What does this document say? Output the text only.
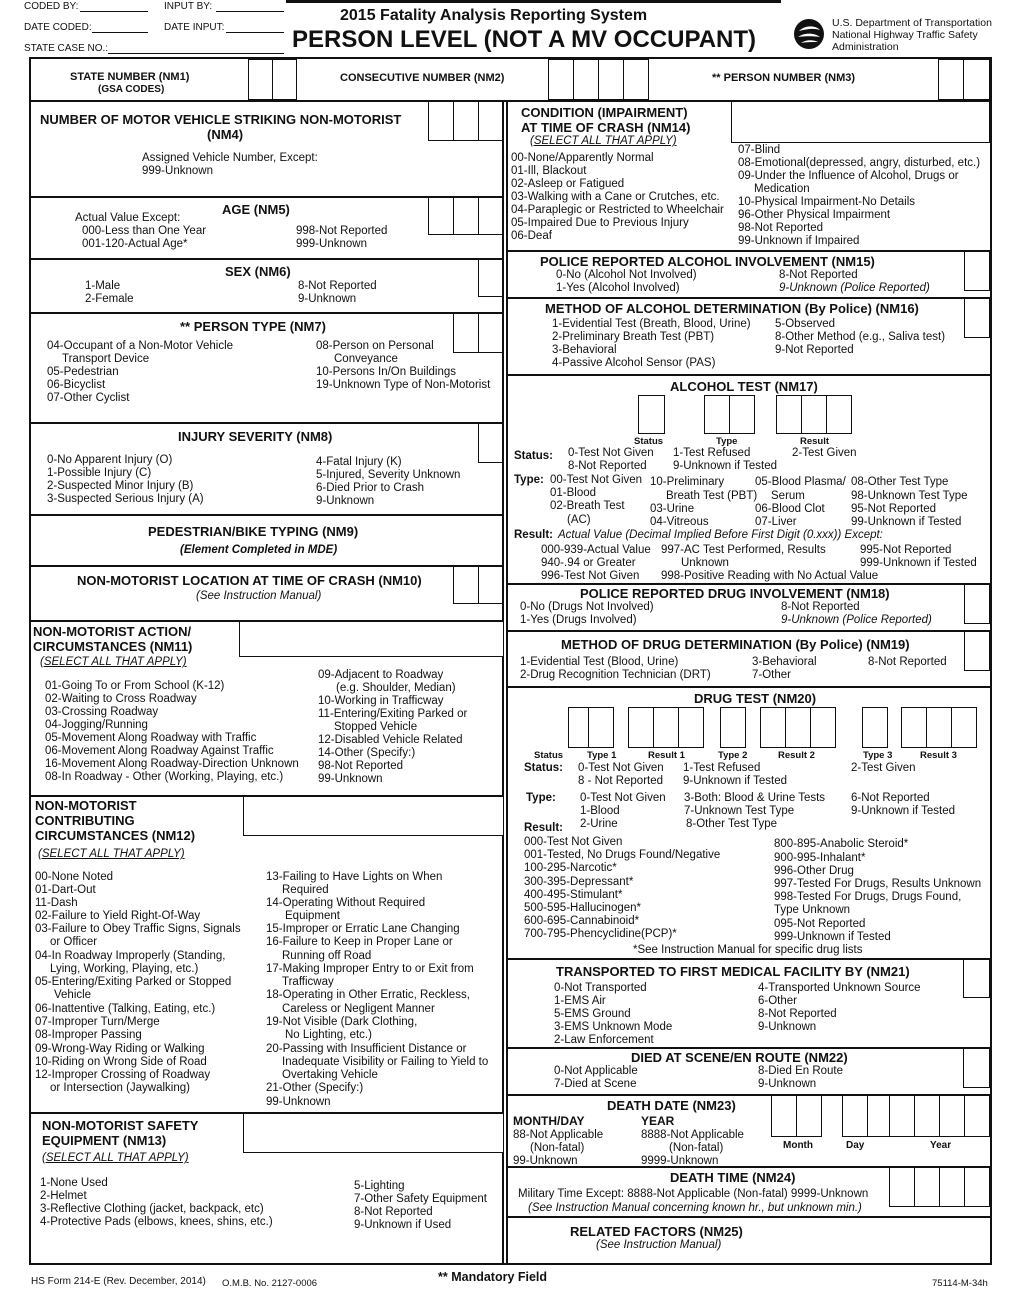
CODED BY:
DATE CODED:
STATE CASE NO.:
INPUT BY:
DATE INPUT:
2015 Fatality Analysis Reporting System
PERSON LEVEL (NOT A MV OCCUPANT)
U.S. Department of Transportation
National Highway Traffic Safety
Administration
STATE NUMBER (NM1)
(GSA CODES)
CONSECUTIVE NUMBER (NM2)	** PERSON NUMBER (NM3)
NUMBER OF MOTOR VEHICLE STRIKING NON-MOTORIST
(NM4)
Assigned Vehicle Number, Except:
999-Unknown
AGE (NM5)
Actual Value Except:
000-Less than One Year
001-120-Actual Age*
998-Not Reported
999-Unknown
SEX (NM6)
1-Male
2-Female
8-Not Reported
9-Unknown
** PERSON TYPE (NM7)
04-Occupant of a Non-Motor Vehicle
Transport Device
05-Pedestrian
06-Bicyclist
07-Other Cyclist
08-Person on Personal
Conveyance
10-Persons In/On Buildings
19-Unknown Type of Non-Motorist
INJURY SEVERITY (NM8)
0-No Apparent Injury (O)
1-Possible Injury (C)
2-Suspected Minor Injury (B)
3-Suspected Serious Injury (A)
4-Fatal Injury (K)
5-Injured, Severity Unknown
6-Died Prior to Crash
9-Unknown
PEDESTRIAN/BIKE TYPING (NM9)
(Element Completed in MDE)
NON-MOTORIST LOCATION AT TIME OF CRASH (NM10)
(See Instruction Manual)
NON-MOTORIST ACTION/
CIRCUMSTANCES (NM11)
(SELECT ALL THAT APPLY)
01-Going To or From School (K-12)
02-Waiting to Cross Roadway
03-Crossing Roadway
04-Jogging/Running
05-Movement Along Roadway with Traffic
06-Movement Along Roadway Against Traffic
16-Movement Along Roadway-Direction Unknown
08-In Roadway - Other (Working, Playing, etc.)
09-Adjacent to Roadway
(e.g. Shoulder, Median)
10-Working in Trafficway
11-Entering/Exiting Parked or
Stopped Vehicle
12-Disabled Vehicle Related
14-Other (Specify:)
98-Not Reported
99-Unknown
NON-MOTORIST
CONTRIBUTING
CIRCUMSTANCES (NM12)
(SELECT ALL THAT APPLY)
00-None Noted
01-Dart-Out
11-Dash
02-Failure to Yield Right-Of-Way
03-Failure to Obey Traffic Signs, Signals
or Officer
04-In Roadway Improperly (Standing,
Lying, Working, Playing, etc.)
05-Entering/Exiting Parked or Stopped
Vehicle
06-Inattentive (Talking, Eating, etc.)
07-Improper Turn/Merge
08-Improper Passing
09-Wrong-Way Riding or Walking
10-Riding on Wrong Side of Road
12-Improper Crossing of Roadway
or Intersection (Jaywalking)
13-Failing to Have Lights on When
Required
14-Operating Without Required
Equipment
15-Improper or Erratic Lane Changing
16-Failure to Keep in Proper Lane or
Running off Road
17-Making Improper Entry to or Exit from
Trafficway
18-Operating in Other Erratic, Reckless,
Careless or Negligent Manner
19-Not Visible (Dark Clothing,
No Lighting, etc.)
20-Passing with Insufficient Distance or
Inadequate Visibility or Failing to Yield to
Overtaking Vehicle
21-Other (Specify:)
99-Unknown
NON-MOTORIST SAFETY
EQUIPMENT (NM13)
(SELECT ALL THAT APPLY)
1-None Used
2-Helmet
3-Reflective Clothing (jacket, backpack, etc)
4-Protective Pads (elbows, knees, shins, etc.)
5-Lighting
7-Other Safety Equipment
8-Not Reported
9-Unknown if Used
CONDITION (IMPAIRMENT)
AT TIME OF CRASH (NM14)
(SELECT ALL THAT APPLY)
00-None/Apparently Normal
01-Ill, Blackout
02-Asleep or Fatigued
03-Walking with a Cane or Crutches, etc.
04-Paraplegic or Restricted to Wheelchair
05-Impaired Due to Previous Injury
06-Deaf
07-Blind
08-Emotional(depressed, angry, disturbed, etc.)
09-Under the Influence of Alcohol, Drugs or
Medication
10-Physical Impairment-No Details
96-Other Physical Impairment
98-Not Reported
99-Unknown if Impaired
POLICE REPORTED ALCOHOL INVOLVEMENT (NM15)
0-No (Alcohol Not Involved)
1-Yes (Alcohol Involved)
8-Not Reported
9-Unknown (Police Reported)
METHOD OF ALCOHOL DETERMINATION (By Police) (NM16)
1-Evidential Test (Breath, Blood, Urine)
2-Preliminary Breath Test (PBT)
3-Behavioral
4-Passive Alcohol Sensor (PAS)
5-Observed
8-Other Method (e.g., Saliva test)
9-Not Reported
ALCOHOL TEST (NM17)
Status	Type	Result
Status: 0-Test Not Given 1-Test Refused	2-Test Given
8-Not Reported 9-Unknown if Tested
Type: 00-Test Not Given 10-Preliminary	05-Blood Plasma/ 08-Other Test Type
01-Blood	Breath Test (PBT) Serum	98-Unknown Test Type
02-Breath Test 03-Urine	06-Blood Clot 95-Not Reported
(AC)	04-Vitreous	07-Liver	99-Unknown if Tested
Result: Actual Value (Decimal Implied Before First Digit (0.xxx)) Except:
000-939-Actual Value 997-AC Test Performed, Results	995-Not Reported
940-.94 or Greater	Unknown	999-Unknown if Tested
996-Test Not Given 998-Positive Reading with No Actual Value
POLICE REPORTED DRUG INVOLVEMENT (NM18)
0-No (Drugs Not Involved)
1-Yes (Drugs Involved)
8-Not Reported
9-Unknown (Police Reported)
METHOD OF DRUG DETERMINATION (By Police) (NM19)
1-Evidential Test (Blood, Urine)
2-Drug Recognition Technician (DRT)
3-Behavioral
7-Other
8-Not Reported
DRUG TEST (NM20)
Status	Type 1	Result 1	Type 2	Result 2	Type 3	Result 3
Status: 0-Test Not Given 1-Test Refused	2-Test Given
8 - Not Reported 9-Unknown if Tested
Type: 0-Test Not Given 3-Both: Blood & Urine Tests 6-Not Reported
1-Blood	7-Unknown Test Type	9-Unknown if Tested
2-Urine	8-Other Test Type
Result:
000-Test Not Given
001-Tested, No Drugs Found/Negative
100-295-Narcotic*
300-395-Depressant*
400-495-Stimulant*
500-595-Hallucinogen*
600-695-Cannabinoid*
700-795-Phencyclidine(PCP)*
800-895-Anabolic Steroid*
900-995-Inhalant*
996-Other Drug
997-Tested For Drugs, Results Unknown
998-Tested For Drugs, Drugs Found,
Type Unknown
095-Not Reported
999-Unknown if Tested
*See Instruction Manual for specific drug lists
TRANSPORTED TO FIRST MEDICAL FACILITY BY (NM21)
0-Not Transported
1-EMS Air
5-EMS Ground
3-EMS Unknown Mode
2-Law Enforcement
4-Transported Unknown Source
6-Other
8-Not Reported
9-Unknown
DIED AT SCENE/EN ROUTE (NM22)
0-Not Applicable
7-Died at Scene
8-Died En Route
9-Unknown
DEATH DATE (NM23)
MONTH/DAY	YEAR
88-Not Applicable
(Non-fatal)
99-Unknown
8888-Not Applicable
(Non-fatal)
9999-Unknown
Month	Day	Year
DEATH TIME (NM24)
Military Time Except: 8888-Not Applicable (Non-fatal) 9999-Unknown
(See Instruction Manual concerning known hr., but unknown min.)
RELATED FACTORS (NM25)
(See Instruction Manual)
HS Form 214-E (Rev. December, 2014) O.M.B. No. 2127-0006	** Mandatory Field	75114-M-34h
